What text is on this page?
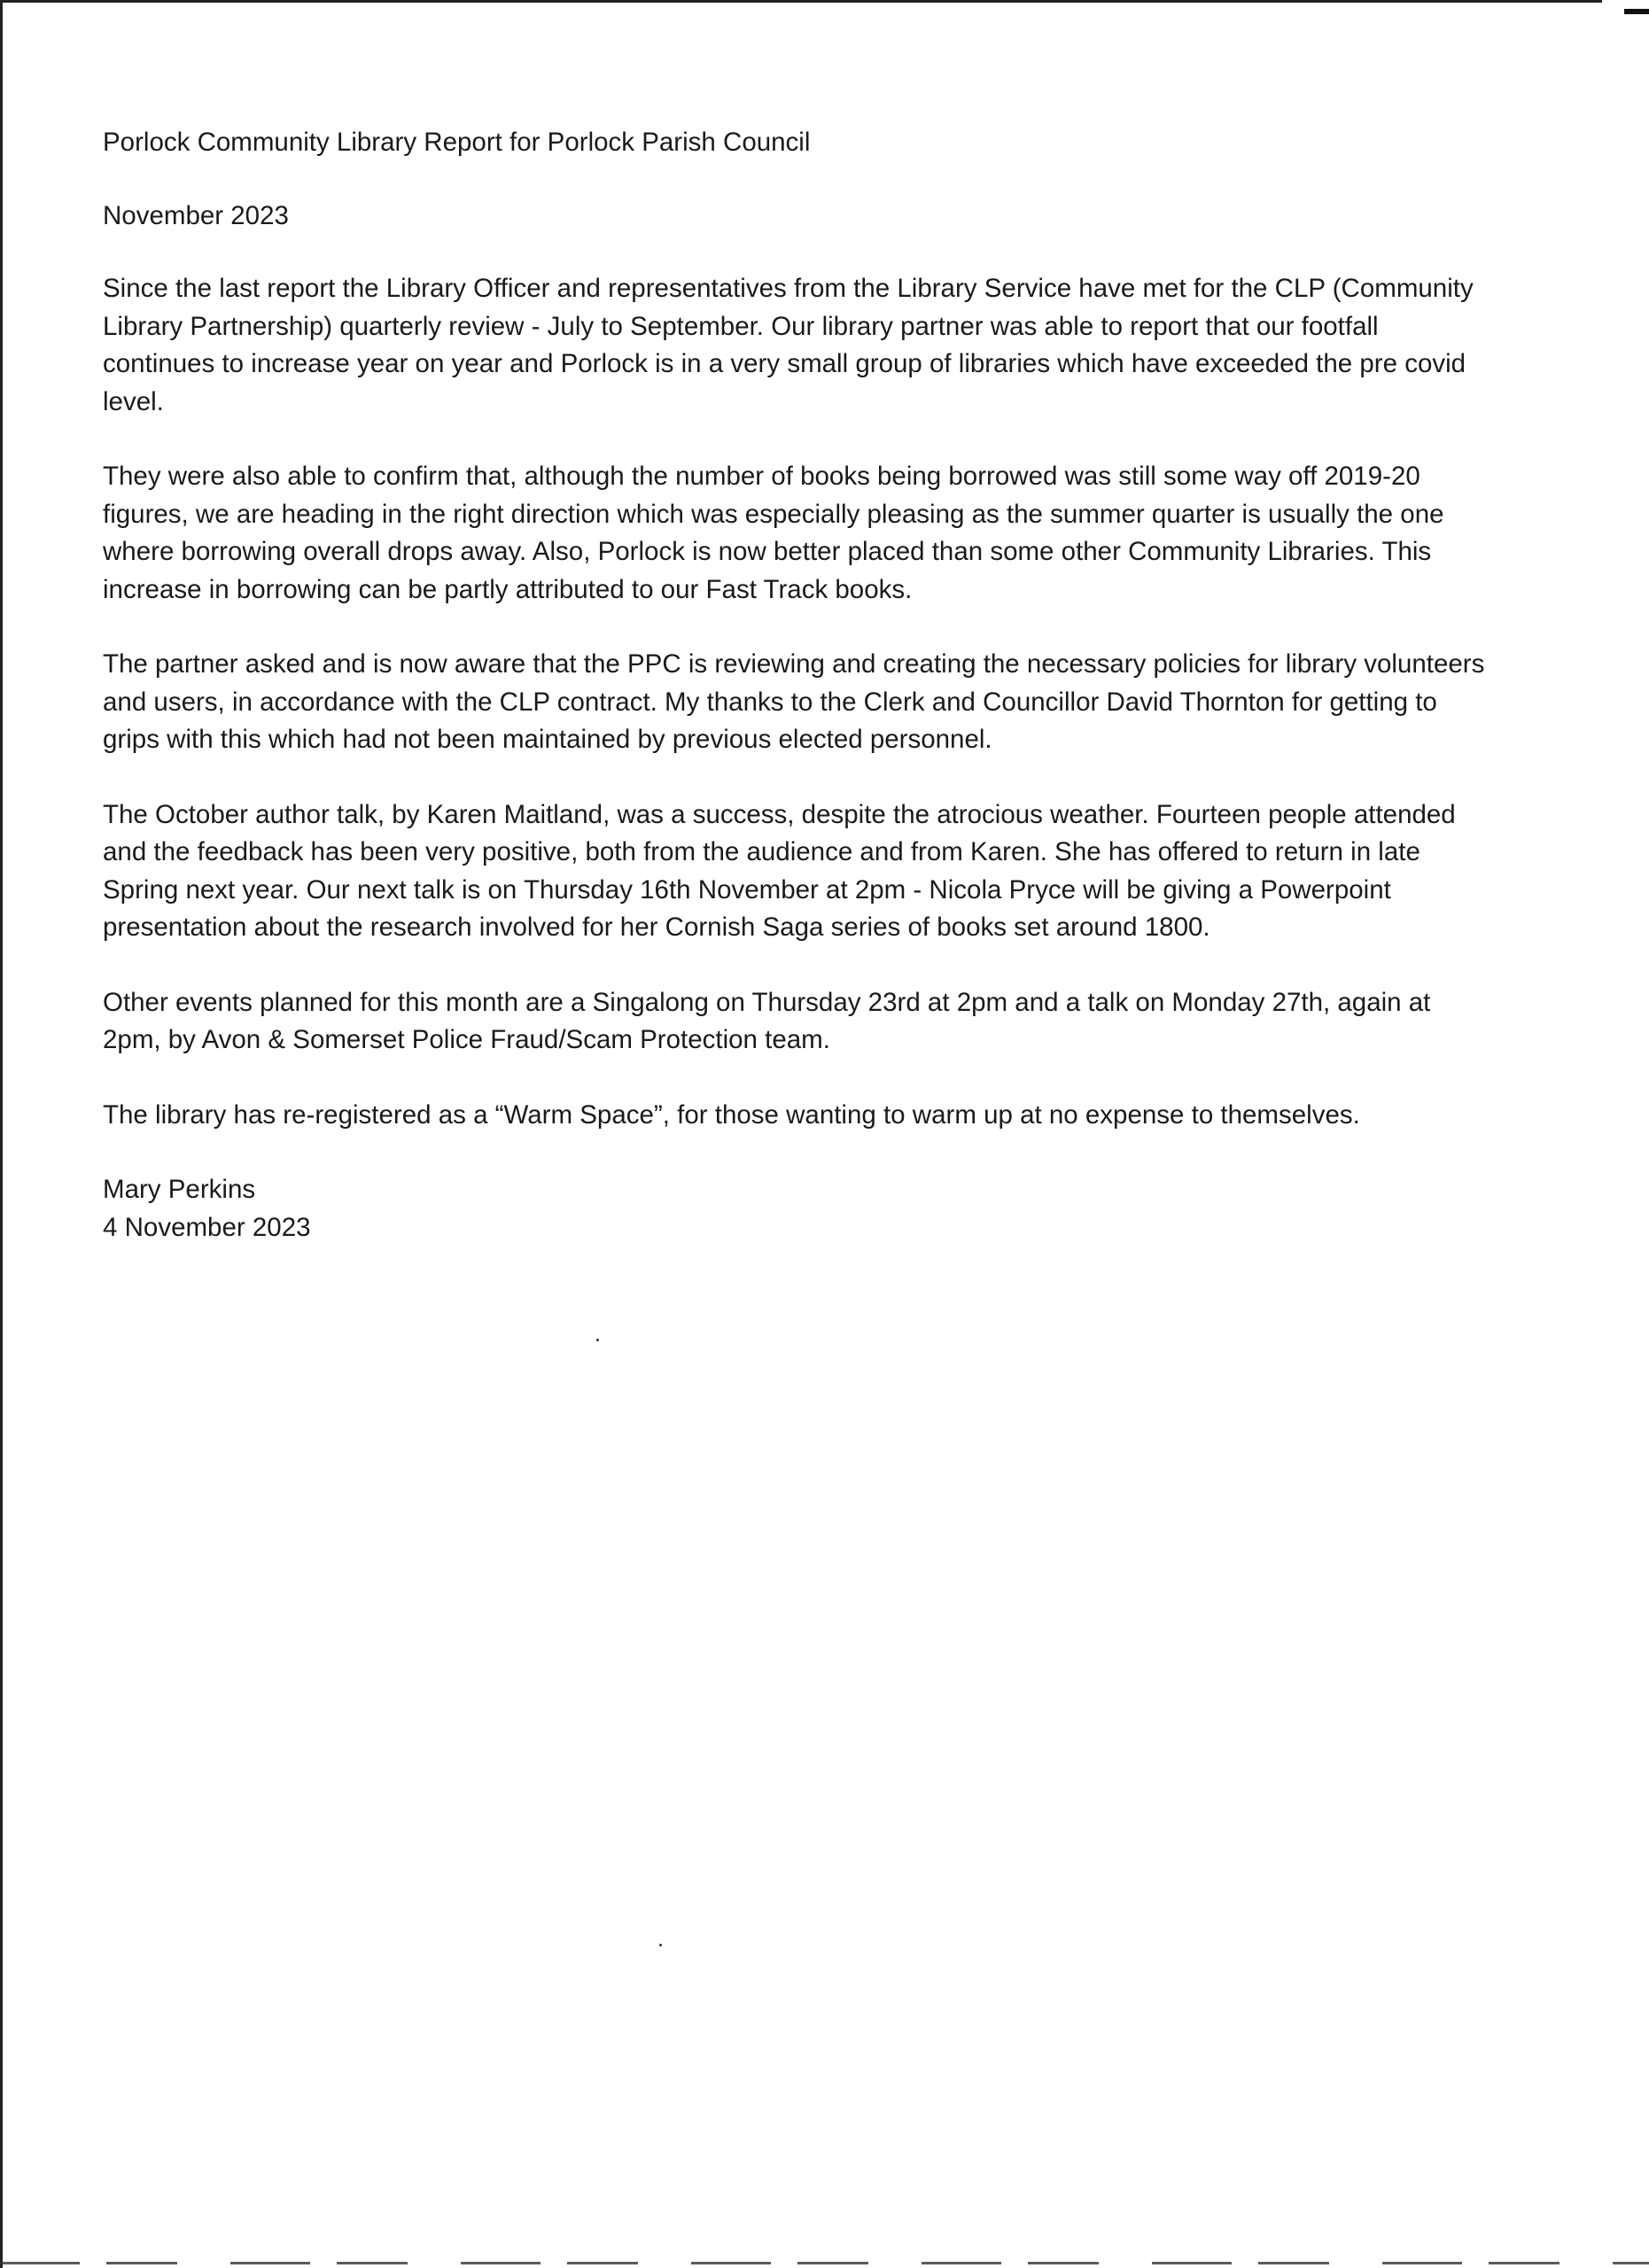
Porlock Community Library Report for Porlock Parish Council

November 2023

Since the last report the Library Officer and representatives from the Library Service have met for the CLP (Community Library Partnership) quarterly review - July to September. Our library partner was able to report that our footfall continues to increase year on year and Porlock is in a very small group of libraries which have exceeded the pre covid level.

They were also able to confirm that, although the number of books being borrowed was still some way off 2019-20 figures, we are heading in the right direction which was especially pleasing as the summer quarter is usually the one where borrowing overall drops away. Also, Porlock is now better placed than some other Community Libraries. This increase in borrowing can be partly attributed to our Fast Track books.

The partner asked and is now aware that the PPC is reviewing and creating the necessary policies for library volunteers and users, in accordance with the CLP contract. My thanks to the Clerk and Councillor David Thornton for getting to grips with this which had not been maintained by previous elected personnel.

The October author talk, by Karen Maitland, was a success, despite the atrocious weather. Fourteen people attended and the feedback has been very positive, both from the audience and from Karen. She has offered to return in late Spring next year. Our next talk is on Thursday 16th November at 2pm - Nicola Pryce will be giving a Powerpoint presentation about the research involved for her Cornish Saga series of books set around 1800.

Other events planned for this month are a Singalong on Thursday 23rd at 2pm and a talk on Monday 27th, again at 2pm, by Avon & Somerset Police Fraud/Scam Protection team.

The library has re-registered as a “Warm Space”, for those wanting to warm up at no expense to themselves.

Mary Perkins

4 November 2023
